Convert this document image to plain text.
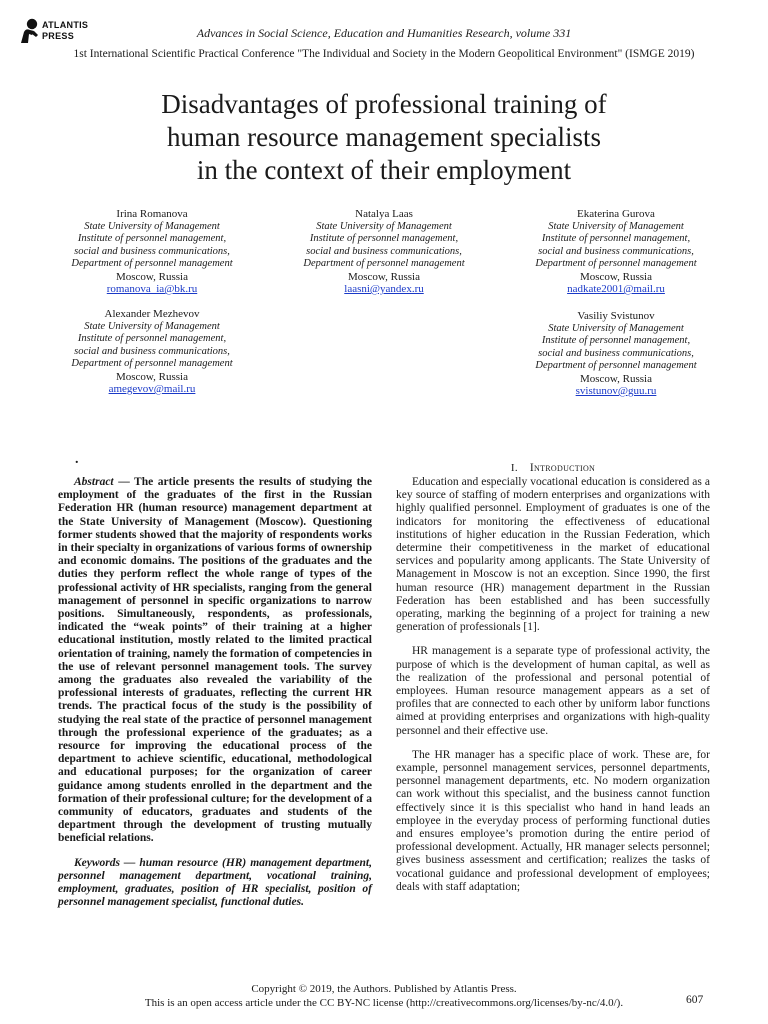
ATLANTIS
PRESS	Advances in Social Science, Education and Humanities Research, volume 331
1st International Scientific Practical Conference "The Individual and Society in the Modern Geopolitical Environment" (ISMGE 2019)
Disadvantages of professional training of
human resource management specialists
in the context of their employment
Irina Romanova
State University of Management
Institute of personnel management,
social and business communications,
Department of personnel management
Moscow, Russia
romanova_ia@bk.ru
Natalya Laas
State University of Management
Institute of personnel management,
social and business communications,
Department of personnel management
Moscow, Russia
laasni@yandex.ru
Ekaterina Gurova
State University of Management
Institute of personnel management,
social and business communications,
Department of personnel management
Moscow, Russia
nadkate2001@mail.ru
Alexander Mezhevov
State University of Management
Institute of personnel management,
social and business communications,
Department of personnel management
Moscow, Russia
amegevov@mail.ru
Vasiliy Svistunov
State University of Management
Institute of personnel management,
social and business communications,
Department of personnel management
Moscow, Russia
svistunov@guu.ru
.

Abstract — The article presents the results of studying the employment of the graduates of the first in the Russian Federation HR (human resource) management department at the State University of Management (Moscow). Questioning former students showed that the majority of respondents works in their specialty in organizations of various forms of ownership and economic domains. The positions of the graduates and the duties they perform reflect the whole range of types of the professional activity of HR specialists, ranging from the general management of personnel in specific organizations to narrow positions. Simultaneously, respondents, as professionals, indicated the “weak points” of their training at a higher educational institution, mostly related to the limited practical orientation of training, namely the formation of competencies in the use of relevant personnel management tools. The survey among the graduates also revealed the variability of the professional interests of graduates, reflecting the current HR trends. The practical focus of the study is the possibility of studying the real state of the practice of personnel management through the professional experience of the graduates; as a resource for improving the educational process of the department to achieve scientific, educational, methodological and educational purposes; for the organization of career guidance among students enrolled in the department and the formation of their professional culture; for the development of a community of educators, graduates and students of the department through the development of trusting mutually beneficial relations.

Keywords — human resource (HR) management department, personnel management department, vocational training, employment, graduates, position of HR specialist, position of personnel management specialist, functional duties.

I. Introduction

Education and especially vocational education is considered as a key source of staffing of modern enterprises and organizations with highly qualified personnel. Employment of graduates is one of the indicators for monitoring the effectiveness of educational institutions of higher education in the Russian Federation, which determine their competitiveness in the market of educational services and popularity among applicants. The State University of Management in Moscow is not an exception. Since 1990, the first human resource (HR) management department in the Russian Federation has been established and has been successfully operating, marking the beginning of a project for training a new generation of professionals [1].

HR management is a separate type of professional activity, the purpose of which is the development of human capital, as well as the realization of the professional and personal potential of employees. Human resource management appears as a set of profiles that are connected to each other by uniform labor functions aimed at providing enterprises and organizations with high-quality personnel and their effective use.

The HR manager has a specific place of work. These are, for example, personnel management services, personnel departments, personnel management departments, etc. No modern organization can work without this specialist, and the business cannot function effectively since it is this specialist who hand in hand leads an employee in the everyday process of performing functional duties and ensures employee’s promotion during the entire period of professional development. Actually, HR manager selects personnel; gives business assessment and certification; realizes the tasks of vocational guidance and professional development of employees; deals with staff adaptation;

Copyright © 2019, the Authors. Published by Atlantis Press.
This is an open access article under the CC BY-NC license (http://creativecommons.org/licenses/by-nc/4.0/).	607
